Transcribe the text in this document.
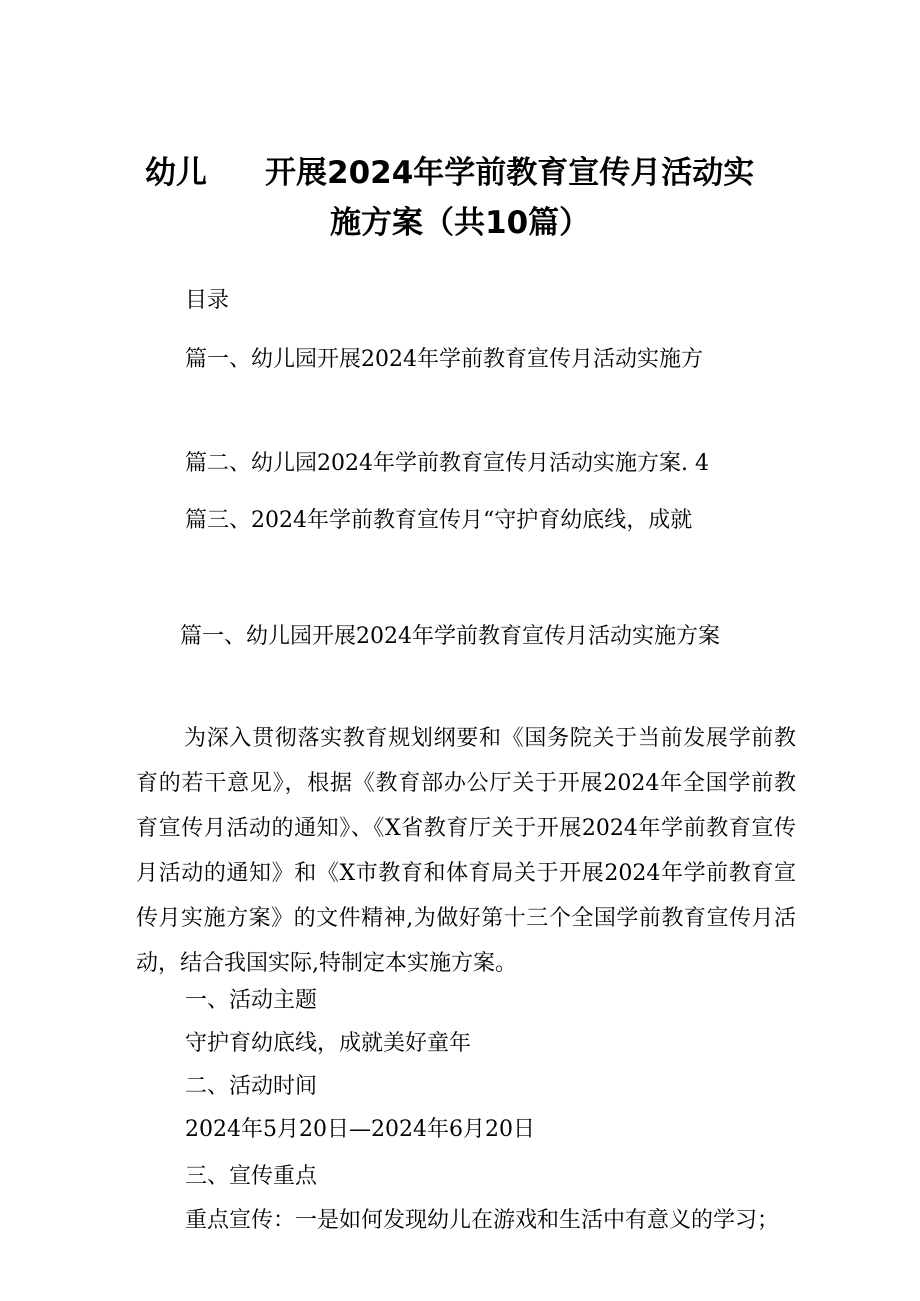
幼儿 开展2024年学前教育宣传月活动实
施方案（共10篇）
目录
篇一、幼儿园开展2024年学前教育宣传月活动实施方
篇二、幼儿园2024年学前教育宣传月活动实施方案. 4
篇三、2024年学前教育宣传月“守护育幼底线，成就
篇一、幼儿园开展2024年学前教育宣传月活动实施方案

为深入贯彻落实教育规划纲要和《国务院关于当前发展学前教育的若干意见》，根据《教育部办公厅关于开展2024年全国学前教育宣传月活动的通知》、《X省教育厅关于开展2024年学前教育宣传月活动的通知》和《X市教育和体育局关于开展2024年学前教育宣传月实施方案》的文件精神,为做好第十三个全国学前教育宣传月活动，结合我国实际,特制定本实施方案。

一、活动主题
守护育幼底线，成就美好童年
二、活动时间
2024年5月20日—2024年6月20日
三、宣传重点
重点宣传：一是如何发现幼儿在游戏和生活中有意义的学习；
